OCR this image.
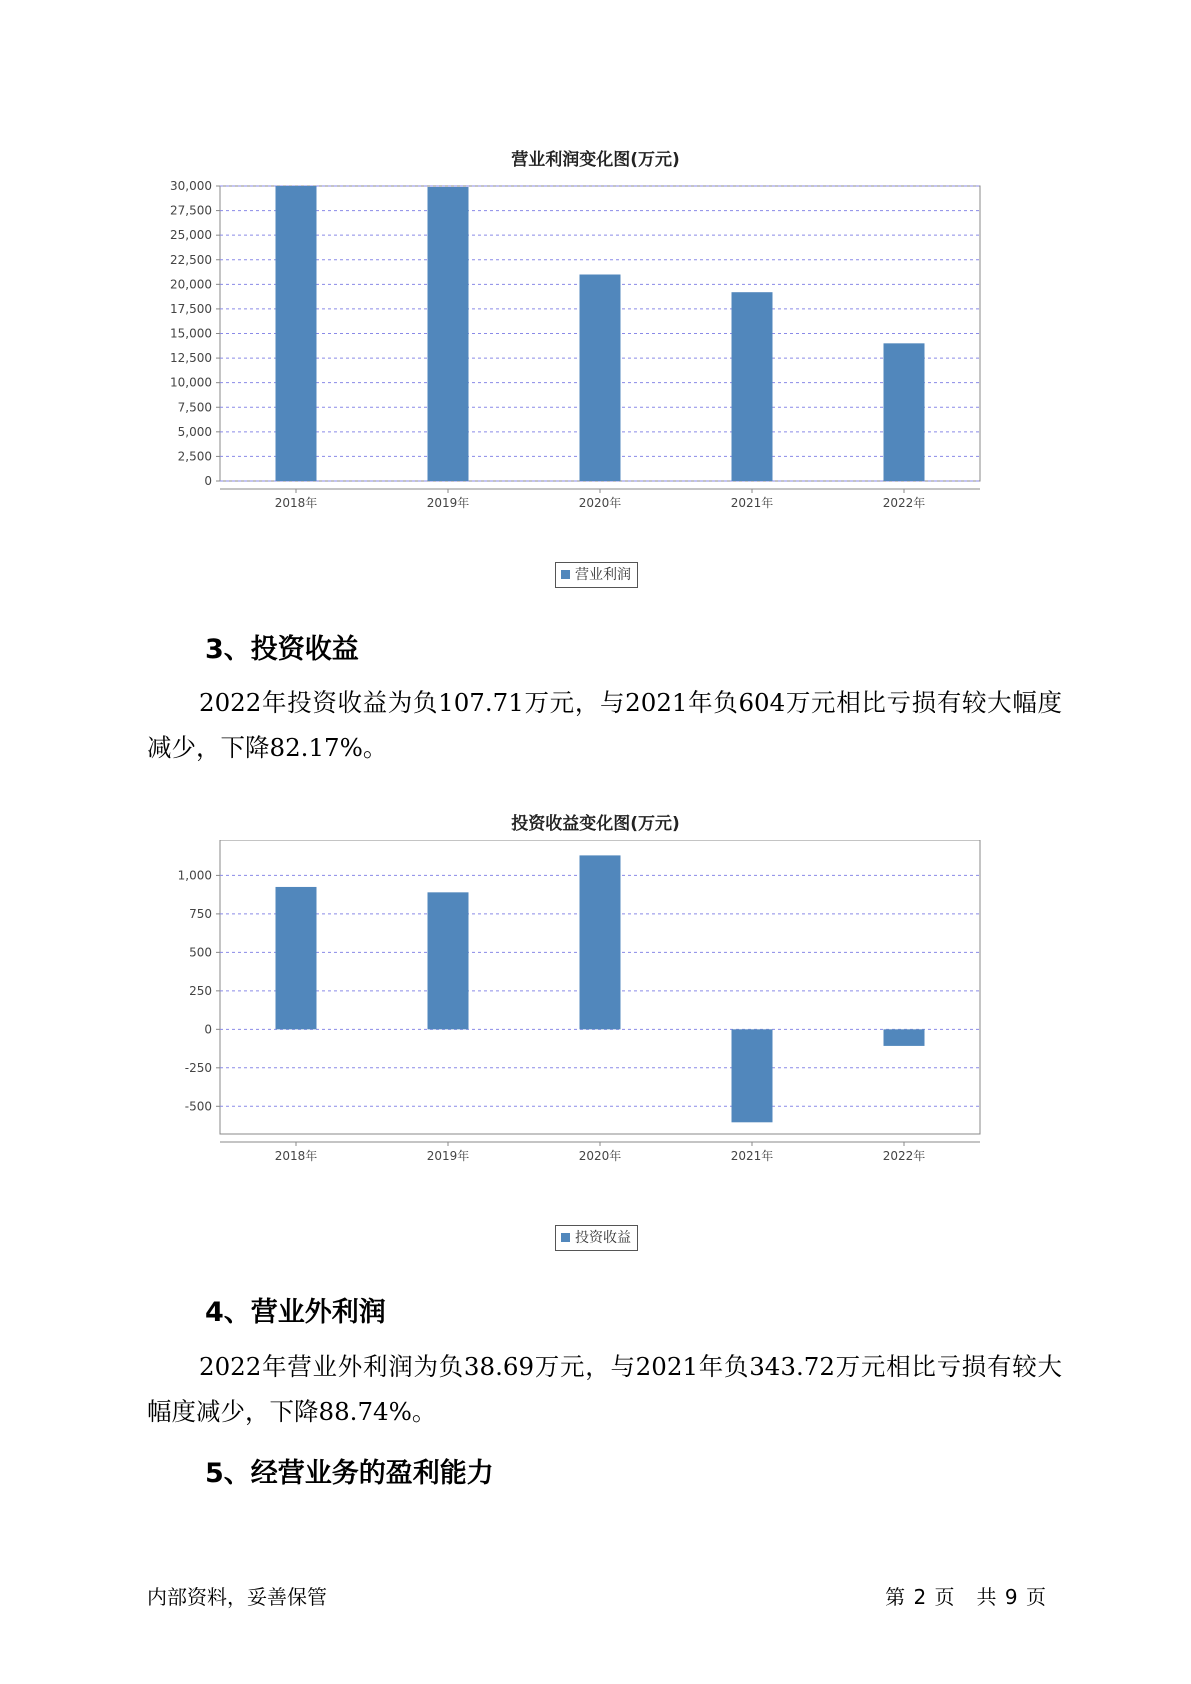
营业利润变化图(万元)
0
2,500
5,000
7,500
10,000
12,500
15,000
17,500
20,000
22,500
25,000
27,500
30,000
2018年	2019年	2020年	2021年	2022年
营业利润
3、投资收益
2022年投资收益为负107.71万元，与2021年负604万元相比亏损有较大幅度减少，下降82.17%。
投资收益变化图(万元)
-500
-250
0
250
500
750
1,000
2018年	2019年	2020年	2021年	2022年
投资收益
4、营业外利润
2022年营业外利润为负38.69万元，与2021年负343.72万元相比亏损有较大幅度减少，下降88.74%。
5、经营业务的盈利能力
内部资料，妥善保管	第 2 页　共 9 页
